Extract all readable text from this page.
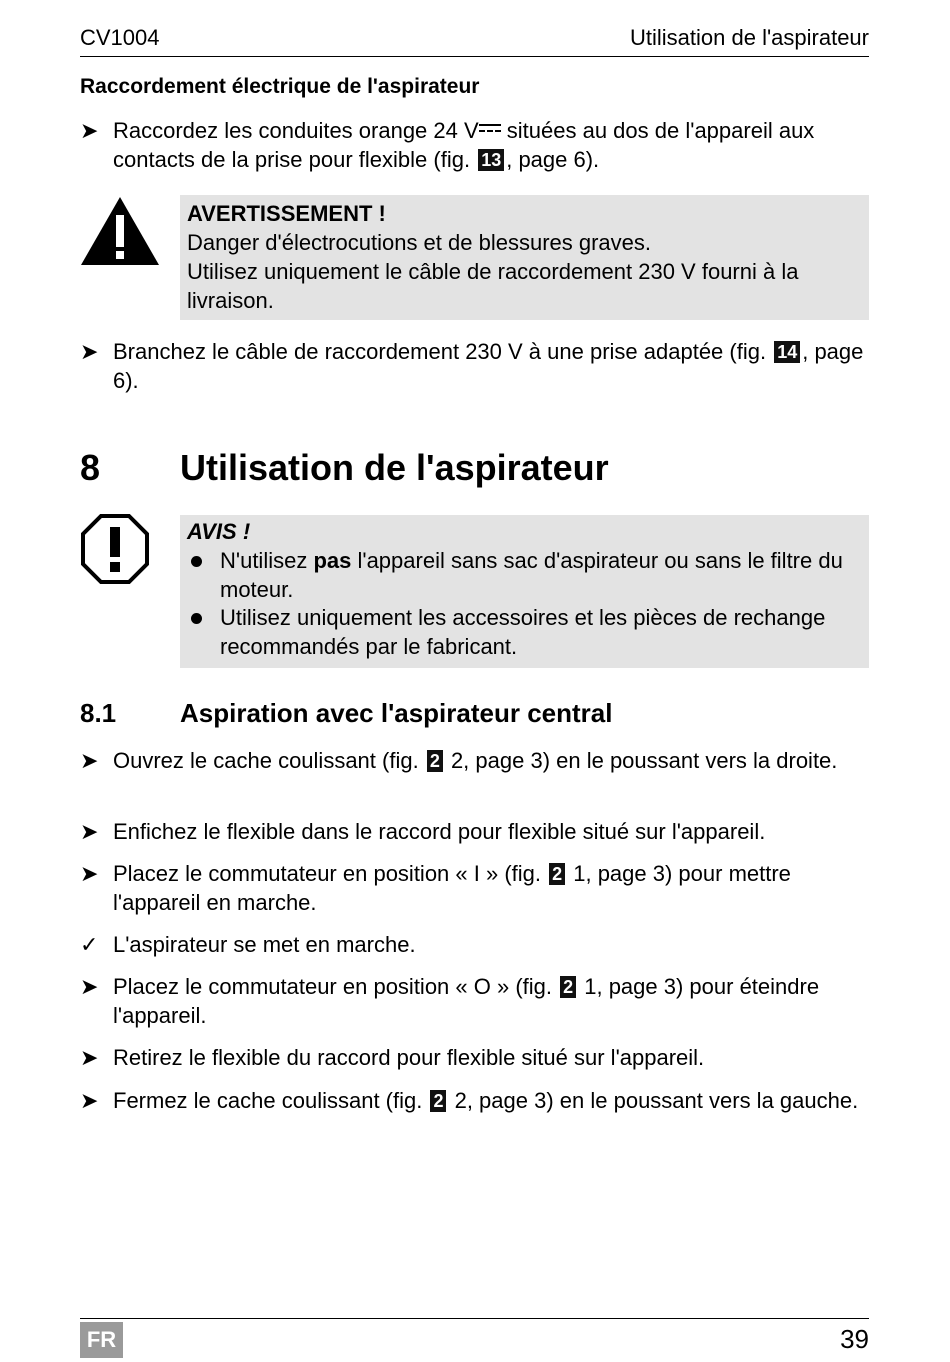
CV1004	Utilisation de l'aspirateur
Raccordement électrique de l'aspirateur
➤ Raccordez les conduites orange 24 V situées au dos de l'appareil aux contacts de la prise pour flexible (fig. 13 , page 6).
AVERTISSEMENT !
Danger d'électrocutions et de blessures graves.
Utilisez uniquement le câble de raccordement 230 V fourni à la livraison.
➤ Branchez le câble de raccordement 230 V à une prise adaptée (fig. 14 , page 6).
8 Utilisation de l'aspirateur
AVIS !
N'utilisez pas l'appareil sans sac d'aspirateur ou sans le filtre du moteur.
Utilisez uniquement les accessoires et les pièces de rechange recommandés par le fabricant.
8.1 Aspiration avec l'aspirateur central
➤ Ouvrez le cache coulissant (fig. 2 2, page 3) en le poussant vers la droite.
➤ Enfichez le flexible dans le raccord pour flexible situé sur l'appareil.
➤ Placez le commutateur en position « I » (fig. 2 1, page 3) pour mettre l'appareil en marche.
✓ L'aspirateur se met en marche.
➤ Placez le commutateur en position « O » (fig. 2 1, page 3) pour éteindre l'appareil.
➤ Retirez le flexible du raccord pour flexible situé sur l'appareil.
➤ Fermez le cache coulissant (fig. 2 2, page 3) en le poussant vers la gauche.
FR	39
